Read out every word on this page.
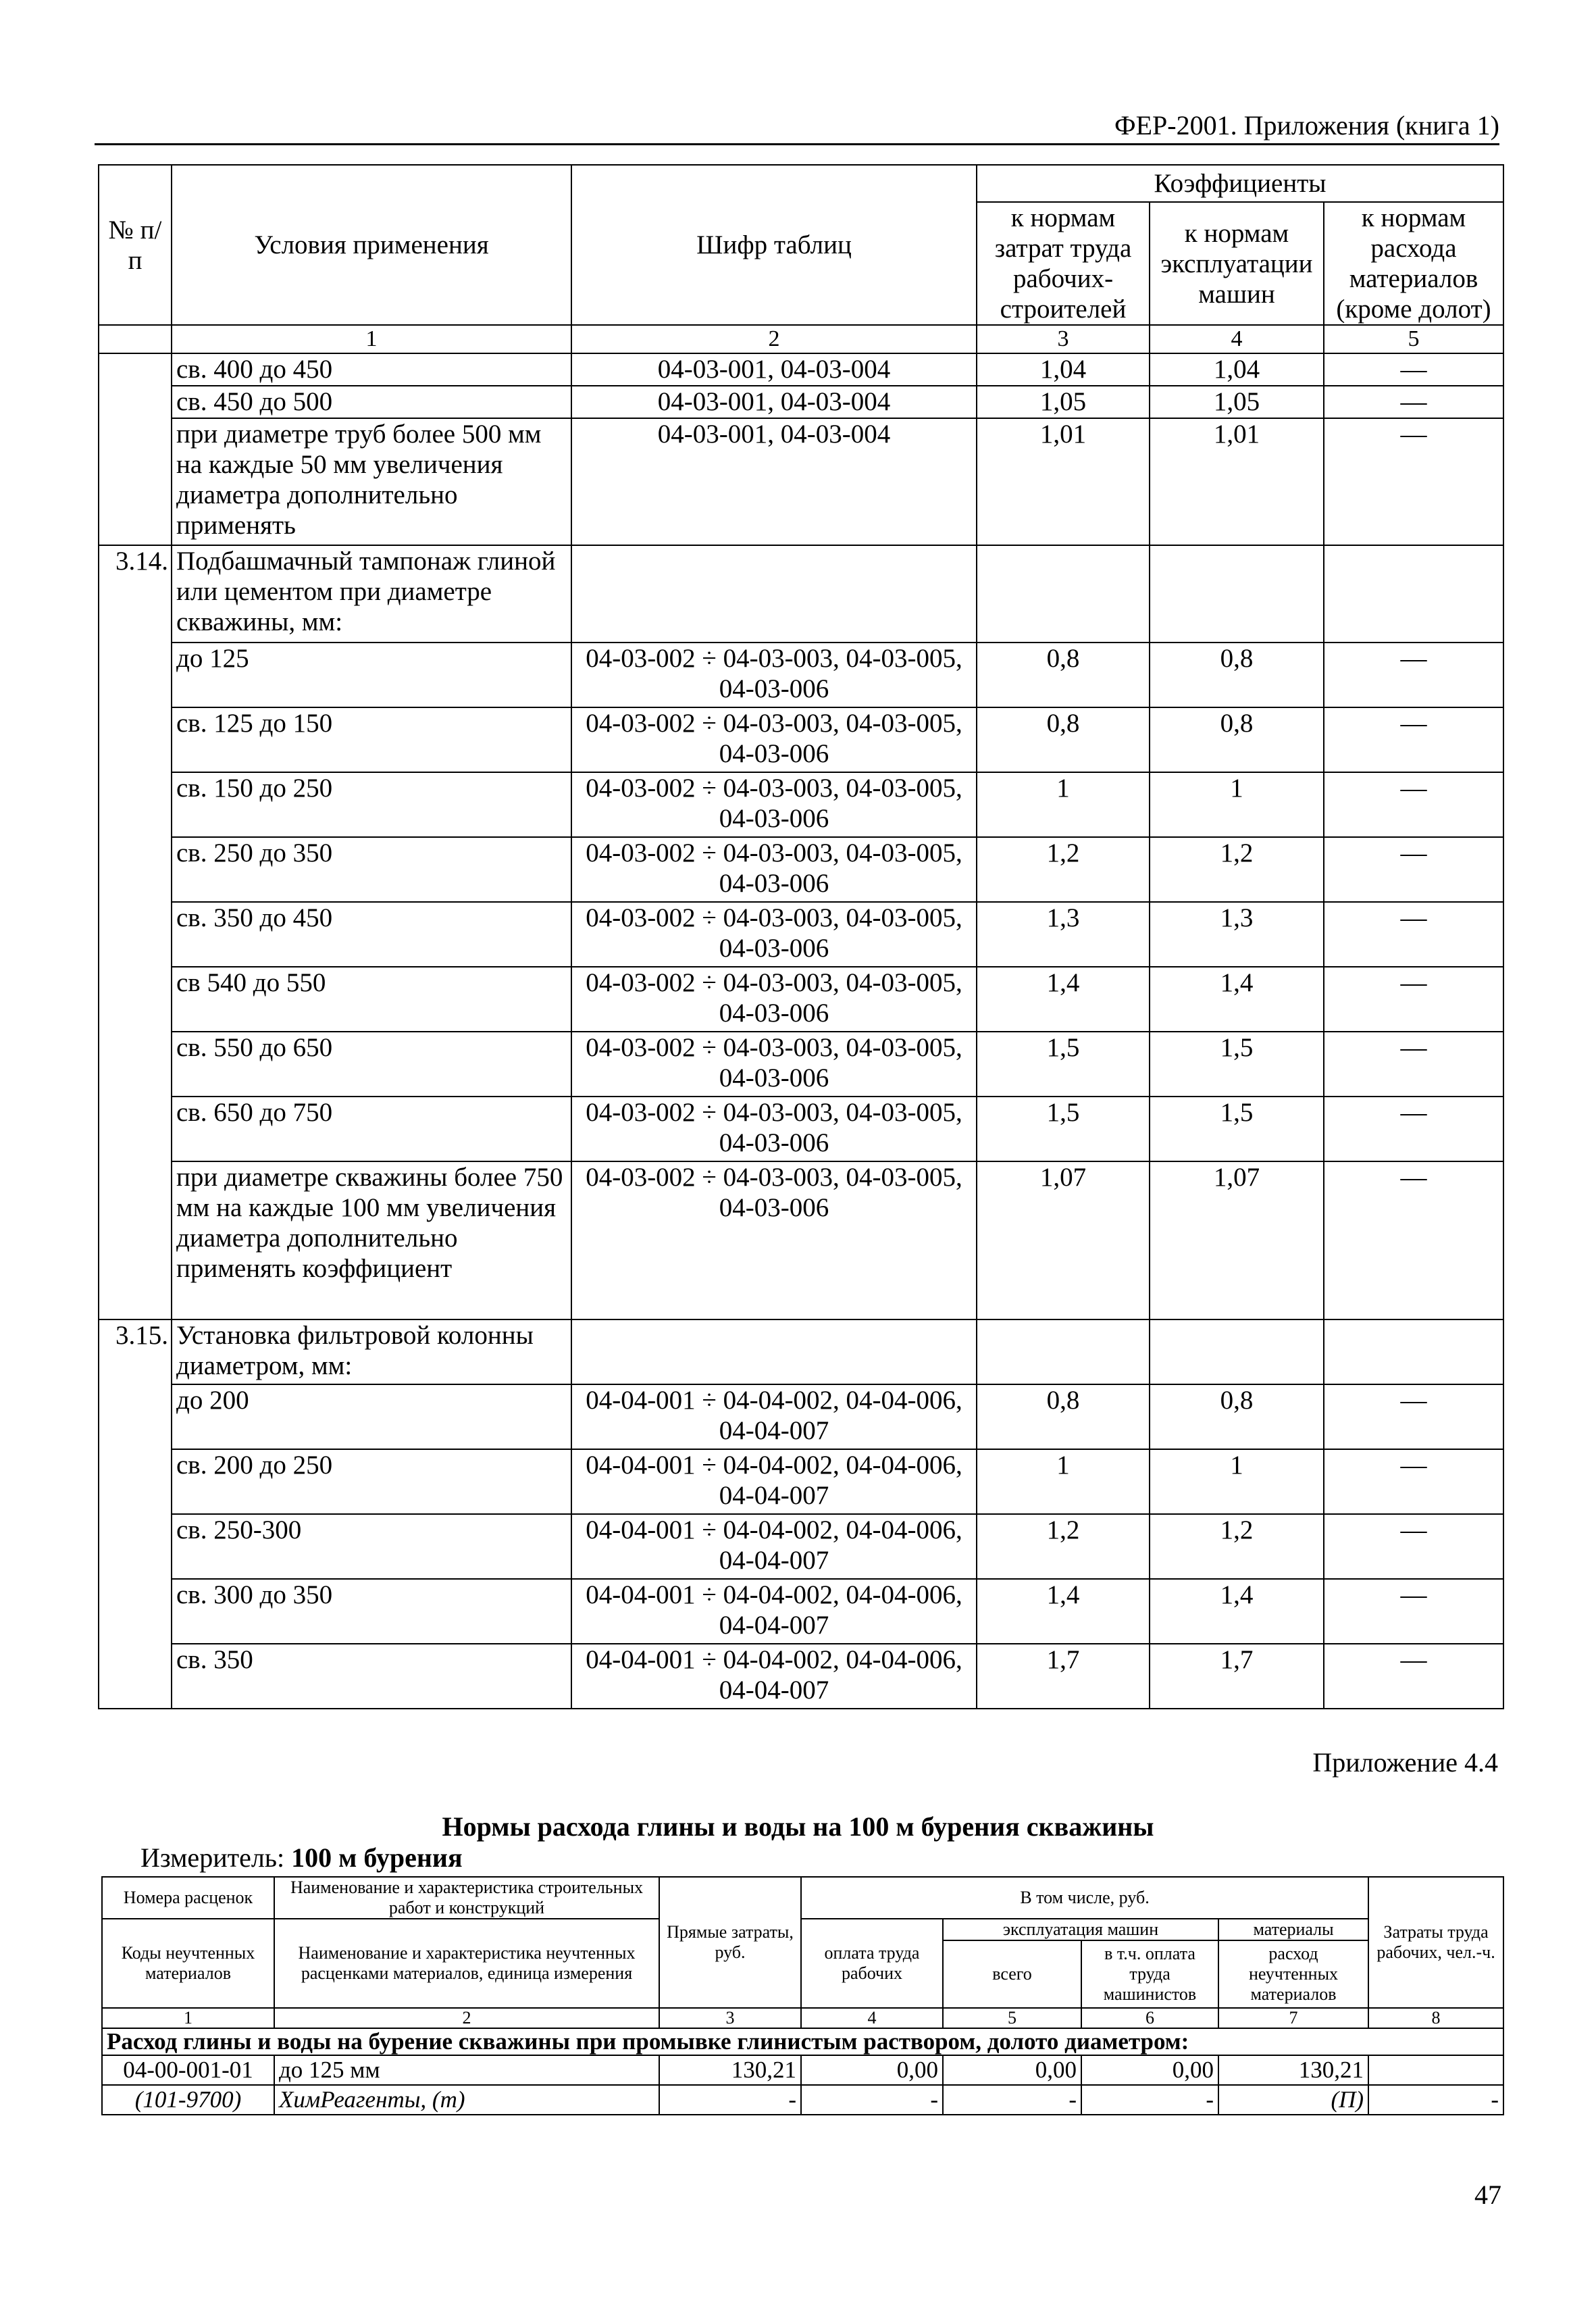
ФЕР-2001. Приложения (книга 1)
№ п/п	Условия применения	Шифр таблиц	Коэффициенты		
			к нормам затрат труда рабочих-строителей	к нормам эксплуатации машин	к нормам расхода материалов (кроме долот)
	1	2	3	4	5
	св. 400 до 450	04-03-001, 04-03-004	1,04	1,04	—
	св. 450 до 500	04-03-001, 04-03-004	1,05	1,05	—
	при диаметре труб более 500 мм на каждые 50 мм увеличения диаметра дополнительно применять	04-03-001, 04-03-004	1,01	1,01	—
3.14.	Подбашмачный тампонаж глиной или цементом при диаметре скважины, мм:				
	до 125	04-03-002 ÷ 04-03-003, 04-03-005, 04-03-006	0,8	0,8	—
	св. 125 до 150	04-03-002 ÷ 04-03-003, 04-03-005, 04-03-006	0,8	0,8	—
	св. 150 до 250	04-03-002 ÷ 04-03-003, 04-03-005, 04-03-006	1	1	—
	св. 250 до 350	04-03-002 ÷ 04-03-003, 04-03-005, 04-03-006	1,2	1,2	—
	св. 350 до 450	04-03-002 ÷ 04-03-003, 04-03-005, 04-03-006	1,3	1,3	—
	св 540 до 550	04-03-002 ÷ 04-03-003, 04-03-005, 04-03-006	1,4	1,4	—
	св. 550 до 650	04-03-002 ÷ 04-03-003, 04-03-005, 04-03-006	1,5	1,5	—
	св. 650 до 750	04-03-002 ÷ 04-03-003, 04-03-005, 04-03-006	1,5	1,5	—
	при диаметре скважины более 750 мм на каждые 100 мм увеличения диаметра дополнительно применять коэффициент	04-03-002 ÷ 04-03-003, 04-03-005, 04-03-006	1,07	1,07	—
3.15.	Установка фильтровой колонны диаметром, мм:				
	до 200	04-04-001 ÷ 04-04-002, 04-04-006, 04-04-007	0,8	0,8	—
	св. 200 до 250	04-04-001 ÷ 04-04-002, 04-04-006, 04-04-007	1	1	—
	св. 250-300	04-04-001 ÷ 04-04-002, 04-04-006, 04-04-007	1,2	1,2	—
	св. 300 до 350	04-04-001 ÷ 04-04-002, 04-04-006, 04-04-007	1,4	1,4	—
	св. 350	04-04-001 ÷ 04-04-002, 04-04-006, 04-04-007	1,7	1,7	—
Приложение 4.4
Нормы расхода глины и воды на 100 м бурения скважины
Измеритель: 100 м бурения
Номера расценок	Наименование и характеристика строительных работ и конструкций	Прямые затраты, руб.	В том числе, руб.				Затраты труда рабочих, чел.-ч.
Коды неучтенных материалов	Наименование и характеристика неучтенных расценками материалов, единица измерения		оплата труда рабочих	эксплуатация машин		материалы	
				всего	в т.ч. оплата труда машинистов	расход неучтенных материалов	
1	2	3	4	5	6	7	8
Расход глины и воды на бурение скважины при промывке глинистым раствором, долото диаметром:							
04-00-001-01	до 125 мм	130,21	0,00	0,00	0,00	130,21	
(101-9700)	ХимРеагенты, (т)	-	-	-	-	(П)	-
47
